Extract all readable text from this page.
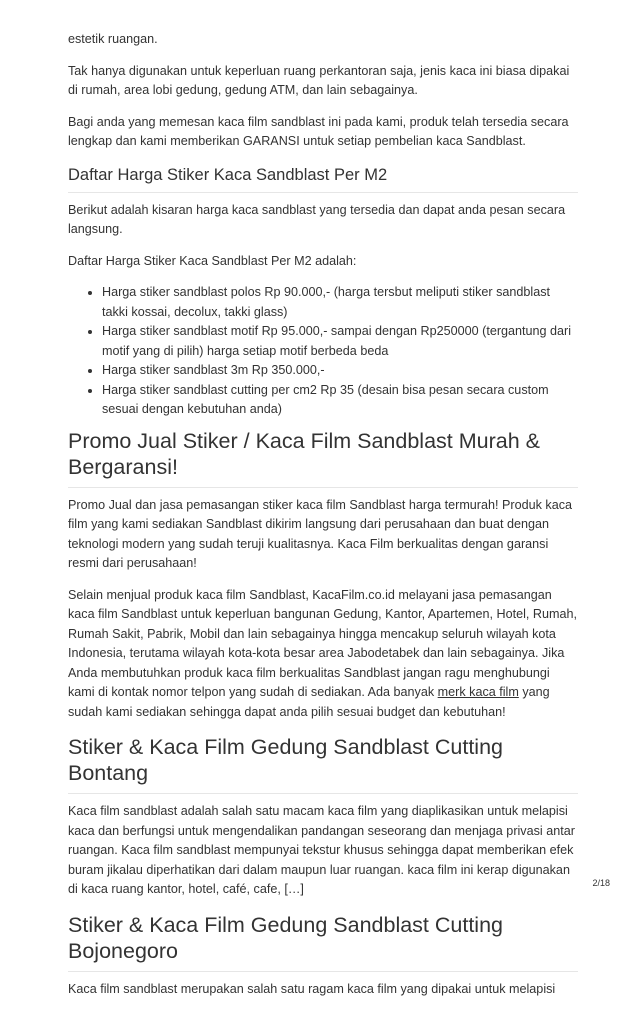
estetik ruangan.

Tak hanya digunakan untuk keperluan ruang perkantoran saja, jenis kaca ini biasa dipakai di rumah, area lobi gedung, gedung ATM, dan lain sebagainya.

Bagi anda yang memesan kaca film sandblast ini pada kami, produk telah tersedia secara lengkap dan kami memberikan GARANSI untuk setiap pembelian kaca Sandblast.

Daftar Harga Stiker Kaca Sandblast Per M2

Berikut adalah kisaran harga kaca sandblast yang tersedia dan dapat anda pesan secara langsung.

Daftar Harga Stiker Kaca Sandblast Per M2 adalah:

• Harga stiker sandblast polos Rp 90.000,- (harga tersbut meliputi stiker sandblast takki kossai, decolux, takki glass)
• Harga stiker sandblast motif Rp 95.000,- sampai dengan Rp250000 (tergantung dari motif yang di pilih) harga setiap motif berbeda beda
• Harga stiker sandblast 3m Rp 350.000,-
• Harga stiker sandblast cutting per cm2 Rp 35 (desain bisa pesan secara custom sesuai dengan kebutuhan anda)
Promo Jual Stiker / Kaca Film Sandblast Murah & Bergaransi!

Promo Jual dan jasa pemasangan stiker kaca film Sandblast harga termurah! Produk kaca film yang kami sediakan Sandblast dikirim langsung dari perusahaan dan buat dengan teknologi modern yang sudah teruji kualitasnya. Kaca Film berkualitas dengan garansi resmi dari perusahaan!

Selain menjual produk kaca film Sandblast, KacaFilm.co.id melayani jasa pemasangan kaca film Sandblast untuk keperluan bangunan Gedung, Kantor, Apartemen, Hotel, Rumah, Rumah Sakit, Pabrik, Mobil dan lain sebagainya hingga mencakup seluruh wilayah kota Indonesia, terutama wilayah kota-kota besar area Jabodetabek dan lain sebagainya. Jika Anda membutuhkan produk kaca film berkualitas Sandblast jangan ragu menghubungi kami di kontak nomor telpon yang sudah di sediakan. Ada banyak merk kaca film yang sudah kami sediakan sehingga dapat anda pilih sesuai budget dan kebutuhan!

Stiker & Kaca Film Gedung Sandblast Cutting Bontang

Kaca film sandblast adalah salah satu macam kaca film yang diaplikasikan untuk melapisi kaca dan berfungsi untuk mengendalikan pandangan seseorang dan menjaga privasi antar ruangan. Kaca film sandblast mempunyai tekstur khusus sehingga dapat memberikan efek buram jikalau diperhatikan dari dalam maupun luar ruangan. kaca film ini kerap digunakan di kaca ruang kantor, hotel, café, cafe, […]

Stiker & Kaca Film Gedung Sandblast Cutting Bojonegoro

Kaca film sandblast merupakan salah satu ragam kaca film yang dipakai untuk melapisi

2/18
